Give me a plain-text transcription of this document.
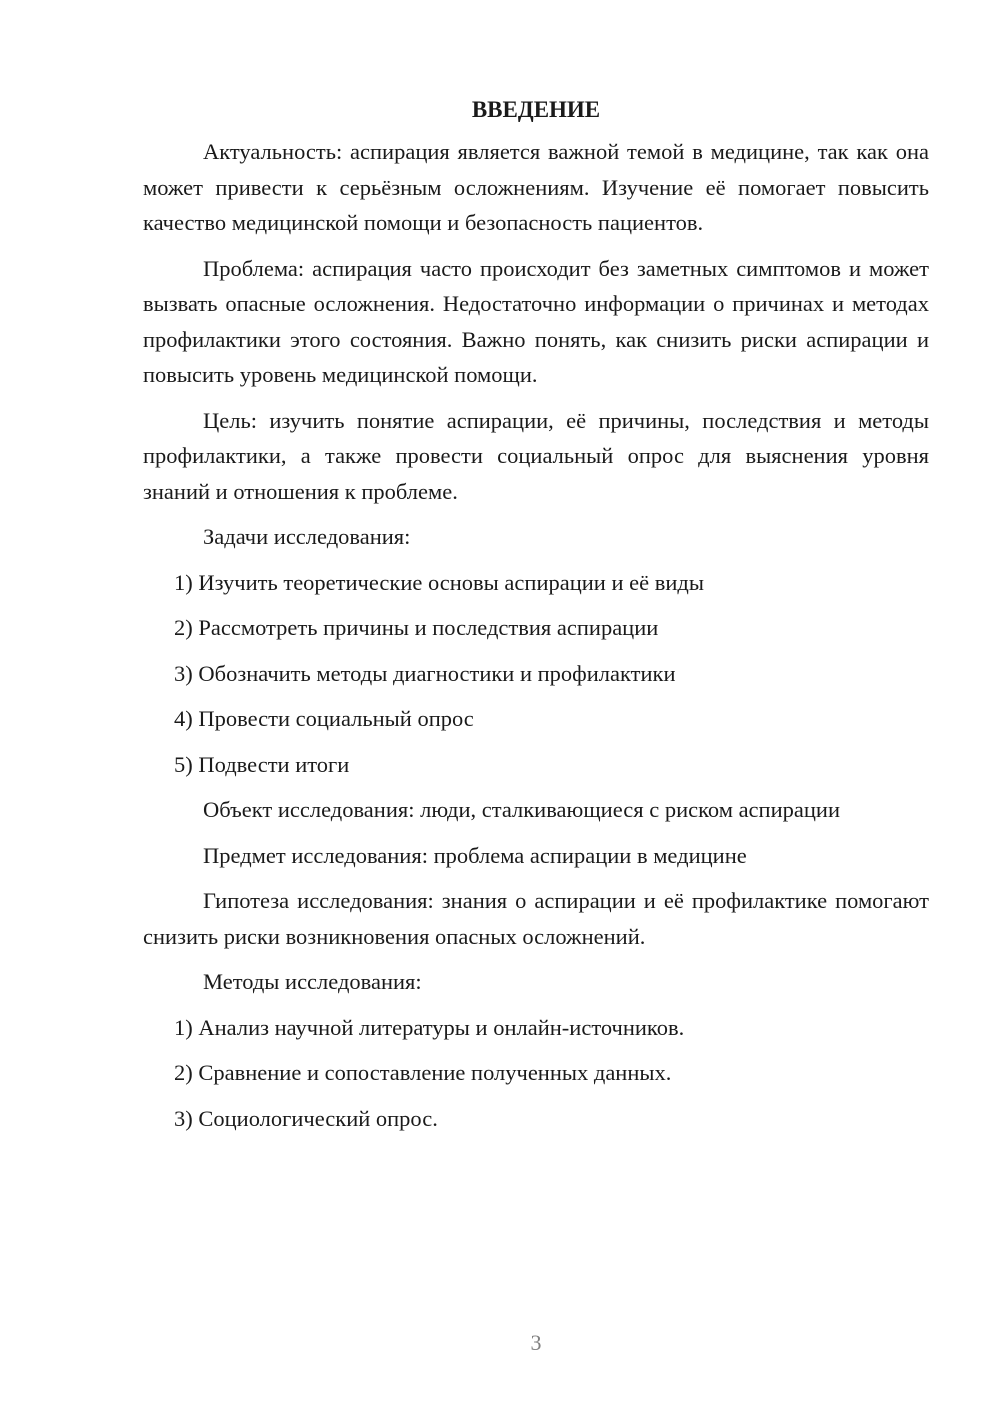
ВВЕДЕНИЕ

Актуальность: аспирация является важной темой в медицине, так как она может привести к серьёзным осложнениям. Изучение её помогает повысить качество медицинской помощи и безопасность пациентов.

Проблема: аспирация часто происходит без заметных симптомов и может вызвать опасные осложнения. Недостаточно информации о причинах и методах профилактики этого состояния. Важно понять, как снизить риски аспирации и повысить уровень медицинской помощи.

Цель: изучить понятие аспирации, её причины, последствия и методы профилактики, а также провести социальный опрос для выяснения уровня знаний и отношения к проблеме.

Задачи исследования:

1) Изучить теоретические основы аспирации и её виды
2) Рассмотреть причины и последствия аспирации
3) Обозначить методы диагностики и профилактики
4) Провести социальный опрос
5) Подвести итоги

Объект исследования: люди, сталкивающиеся с риском аспирации

Предмет исследования: проблема аспирации в медицине

Гипотеза исследования: знания о аспирации и её профилактике помогают снизить риски возникновения опасных осложнений.

Методы исследования:

1) Анализ научной литературы и онлайн-источников.
2) Сравнение и сопоставление полученных данных.
3) Социологический опрос.
3
